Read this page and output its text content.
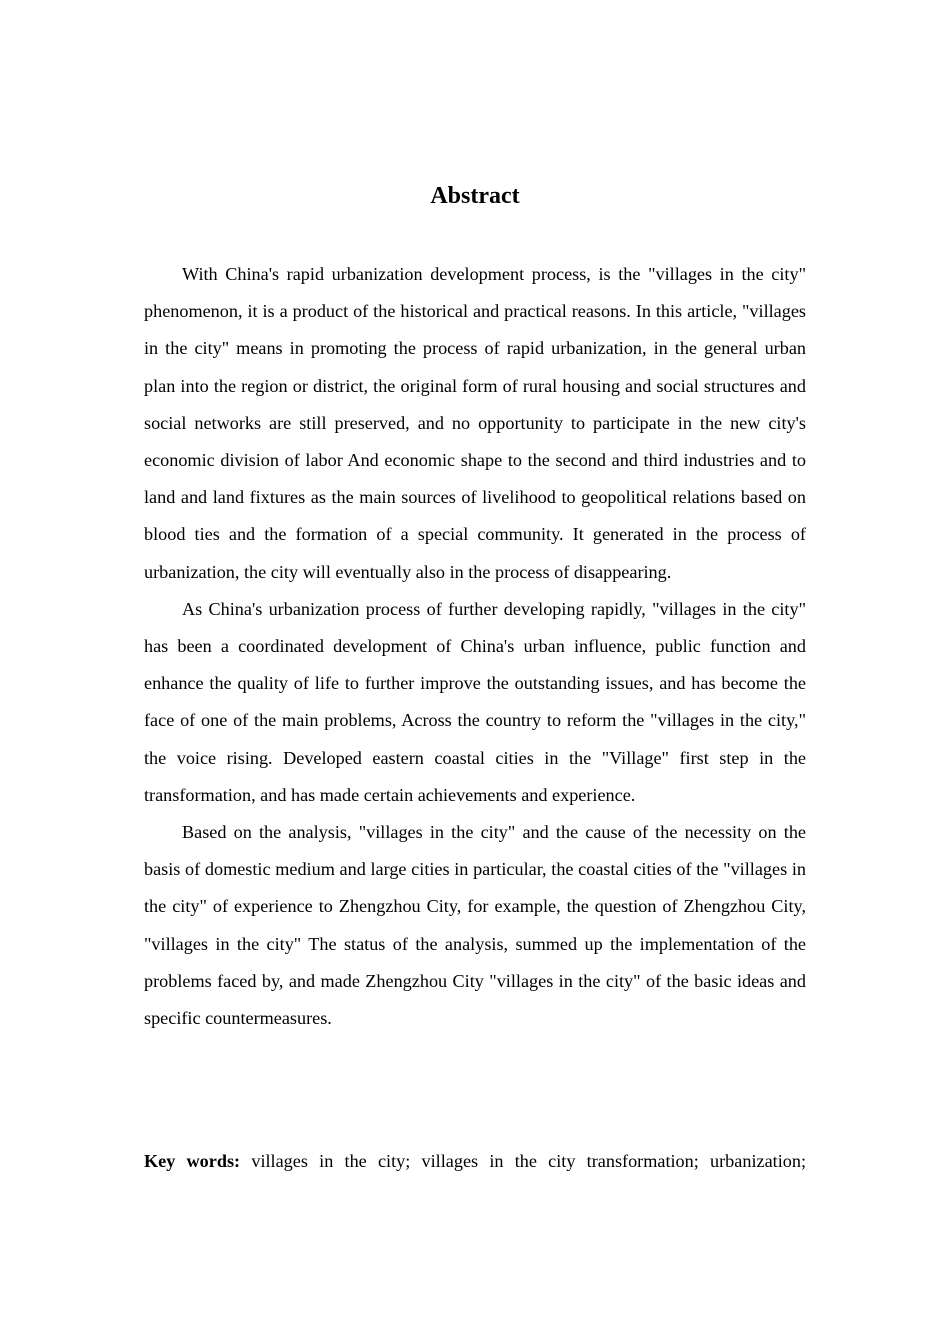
Abstract

With China's rapid urbanization development process, is the "villages in the city" phenomenon, it is a product of the historical and practical reasons. In this article, "villages in the city" means in promoting the process of rapid urbanization, in the general urban plan into the region or district, the original form of rural housing and social structures and social networks are still preserved, and no opportunity to participate in the new city's economic division of labor And economic shape to the second and third industries and to land and land fixtures as the main sources of livelihood to geopolitical relations based on blood ties and the formation of a special community. It generated in the process of urbanization, the city will eventually also in the process of disappearing.

As China's urbanization process of further developing rapidly, "villages in the city" has been a coordinated development of China's urban influence, public function and enhance the quality of life to further improve the outstanding issues, and has become the face of one of the main problems, Across the country to reform the "villages in the city," the voice rising. Developed eastern coastal cities in the "Village" first step in the transformation, and has made certain achievements and experience.

Based on the analysis, "villages in the city" and the cause of the necessity on the basis of domestic medium and large cities in particular, the coastal cities of the "villages in the city" of experience to Zhengzhou City, for example, the question of Zhengzhou City, "villages in the city" The status of the analysis, summed up the implementation of the problems faced by, and made Zhengzhou City "villages in the city" of the basic ideas and specific countermeasures.

Key words: villages in the city; villages in the city transformation; urbanization;
